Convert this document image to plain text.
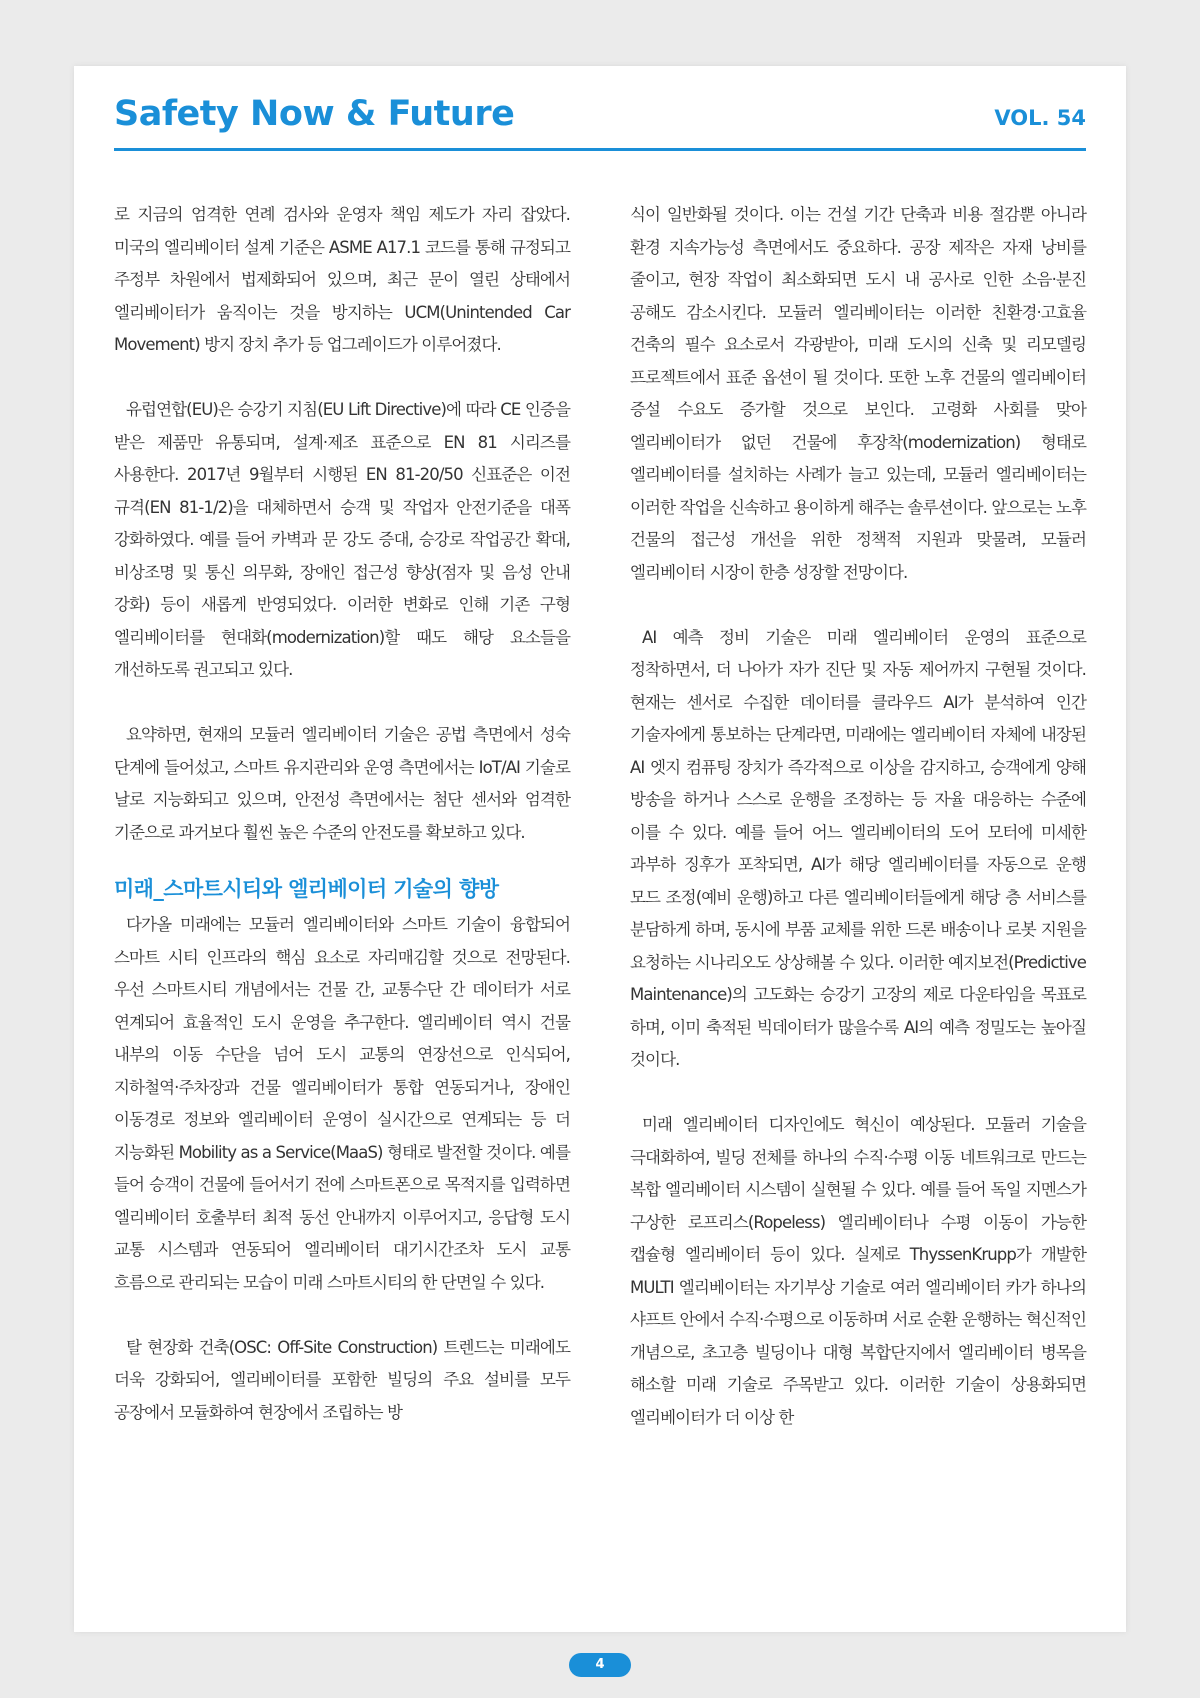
Safety Now & Future	VOL. 54

로 지금의 엄격한 연례 검사와 운영자 책임 제도가 자리 잡았다. 미국의 엘리베이터 설계 기준은 ASME A17.1 코드를 통해 규정되고 주정부 차원에서 법제화되어 있으며, 최근 문이 열린 상태에서 엘리베이터가 움직이는 것을 방지하는 UCM(Unintended Car Movement) 방지 장치 추가 등 업그레이드가 이루어졌다.

유럽연합(EU)은 승강기 지침(EU Lift Directive)에 따라 CE 인증을 받은 제품만 유통되며, 설계·제조 표준으로 EN 81 시리즈를 사용한다. 2017년 9월부터 시행된 EN 81-20/50 신표준은 이전 규격(EN 81-1/2)을 대체하면서 승객 및 작업자 안전기준을 대폭 강화하였다. 예를 들어 카벽과 문 강도 증대, 승강로 작업공간 확대, 비상조명 및 통신 의무화, 장애인 접근성 향상(점자 및 음성 안내 강화) 등이 새롭게 반영되었다. 이러한 변화로 인해 기존 구형 엘리베이터를 현대화(modernization)할 때도 해당 요소들을 개선하도록 권고되고 있다.

요약하면, 현재의 모듈러 엘리베이터 기술은 공법 측면에서 성숙 단계에 들어섰고, 스마트 유지관리와 운영 측면에서는 IoT/AI 기술로 날로 지능화되고 있으며, 안전성 측면에서는 첨단 센서와 엄격한 기준으로 과거보다 훨씬 높은 수준의 안전도를 확보하고 있다.

미래_스마트시티와 엘리베이터 기술의 향방

다가올 미래에는 모듈러 엘리베이터와 스마트 기술이 융합되어 스마트 시티 인프라의 핵심 요소로 자리매김할 것으로 전망된다. 우선 스마트시티 개념에서는 건물 간, 교통수단 간 데이터가 서로 연계되어 효율적인 도시 운영을 추구한다. 엘리베이터 역시 건물 내부의 이동 수단을 넘어 도시 교통의 연장선으로 인식되어, 지하철역·주차장과 건물 엘리베이터가 통합 연동되거나, 장애인 이동경로 정보와 엘리베이터 운영이 실시간으로 연계되는 등 더 지능화된 Mobility as a Service(MaaS) 형태로 발전할 것이다. 예를 들어 승객이 건물에 들어서기 전에 스마트폰으로 목적지를 입력하면 엘리베이터 호출부터 최적 동선 안내까지 이루어지고, 응답형 도시 교통 시스템과 연동되어 엘리베이터 대기시간조차 도시 교통 흐름으로 관리되는 모습이 미래 스마트시티의 한 단면일 수 있다.

탈 현장화 건축(OSC: Off-Site Construction) 트렌드는 미래에도 더욱 강화되어, 엘리베이터를 포함한 빌딩의 주요 설비를 모두 공장에서 모듈화하여 현장에서 조립하는 방

식이 일반화될 것이다. 이는 건설 기간 단축과 비용 절감뿐 아니라 환경 지속가능성 측면에서도 중요하다. 공장 제작은 자재 낭비를 줄이고, 현장 작업이 최소화되면 도시 내 공사로 인한 소음·분진 공해도 감소시킨다. 모듈러 엘리베이터는 이러한 친환경·고효율 건축의 필수 요소로서 각광받아, 미래 도시의 신축 및 리모델링 프로젝트에서 표준 옵션이 될 것이다. 또한 노후 건물의 엘리베이터 증설 수요도 증가할 것으로 보인다. 고령화 사회를 맞아 엘리베이터가 없던 건물에 후장착(modernization) 형태로 엘리베이터를 설치하는 사례가 늘고 있는데, 모듈러 엘리베이터는 이러한 작업을 신속하고 용이하게 해주는 솔루션이다. 앞으로는 노후 건물의 접근성 개선을 위한 정책적 지원과 맞물려, 모듈러 엘리베이터 시장이 한층 성장할 전망이다.

AI 예측 정비 기술은 미래 엘리베이터 운영의 표준으로 정착하면서, 더 나아가 자가 진단 및 자동 제어까지 구현될 것이다. 현재는 센서로 수집한 데이터를 클라우드 AI가 분석하여 인간 기술자에게 통보하는 단계라면, 미래에는 엘리베이터 자체에 내장된 AI 엣지 컴퓨팅 장치가 즉각적으로 이상을 감지하고, 승객에게 양해 방송을 하거나 스스로 운행을 조정하는 등 자율 대응하는 수준에 이를 수 있다. 예를 들어 어느 엘리베이터의 도어 모터에 미세한 과부하 징후가 포착되면, AI가 해당 엘리베이터를 자동으로 운행 모드 조정(예비 운행)하고 다른 엘리베이터들에게 해당 층 서비스를 분담하게 하며, 동시에 부품 교체를 위한 드론 배송이나 로봇 지원을 요청하는 시나리오도 상상해볼 수 있다. 이러한 예지보전(Predictive Maintenance)의 고도화는 승강기 고장의 제로 다운타임을 목표로 하며, 이미 축적된 빅데이터가 많을수록 AI의 예측 정밀도는 높아질 것이다.

미래 엘리베이터 디자인에도 혁신이 예상된다. 모듈러 기술을 극대화하여, 빌딩 전체를 하나의 수직·수평 이동 네트워크로 만드는 복합 엘리베이터 시스템이 실현될 수 있다. 예를 들어 독일 지멘스가 구상한 로프리스(Ropeless) 엘리베이터나 수평 이동이 가능한 캡슐형 엘리베이터 등이 있다. 실제로 ThyssenKrupp가 개발한 MULTI 엘리베이터는 자기부상 기술로 여러 엘리베이터 카가 하나의 샤프트 안에서 수직·수평으로 이동하며 서로 순환 운행하는 혁신적인 개념으로, 초고층 빌딩이나 대형 복합단지에서 엘리베이터 병목을 해소할 미래 기술로 주목받고 있다. 이러한 기술이 상용화되면 엘리베이터가 더 이상 한

4
